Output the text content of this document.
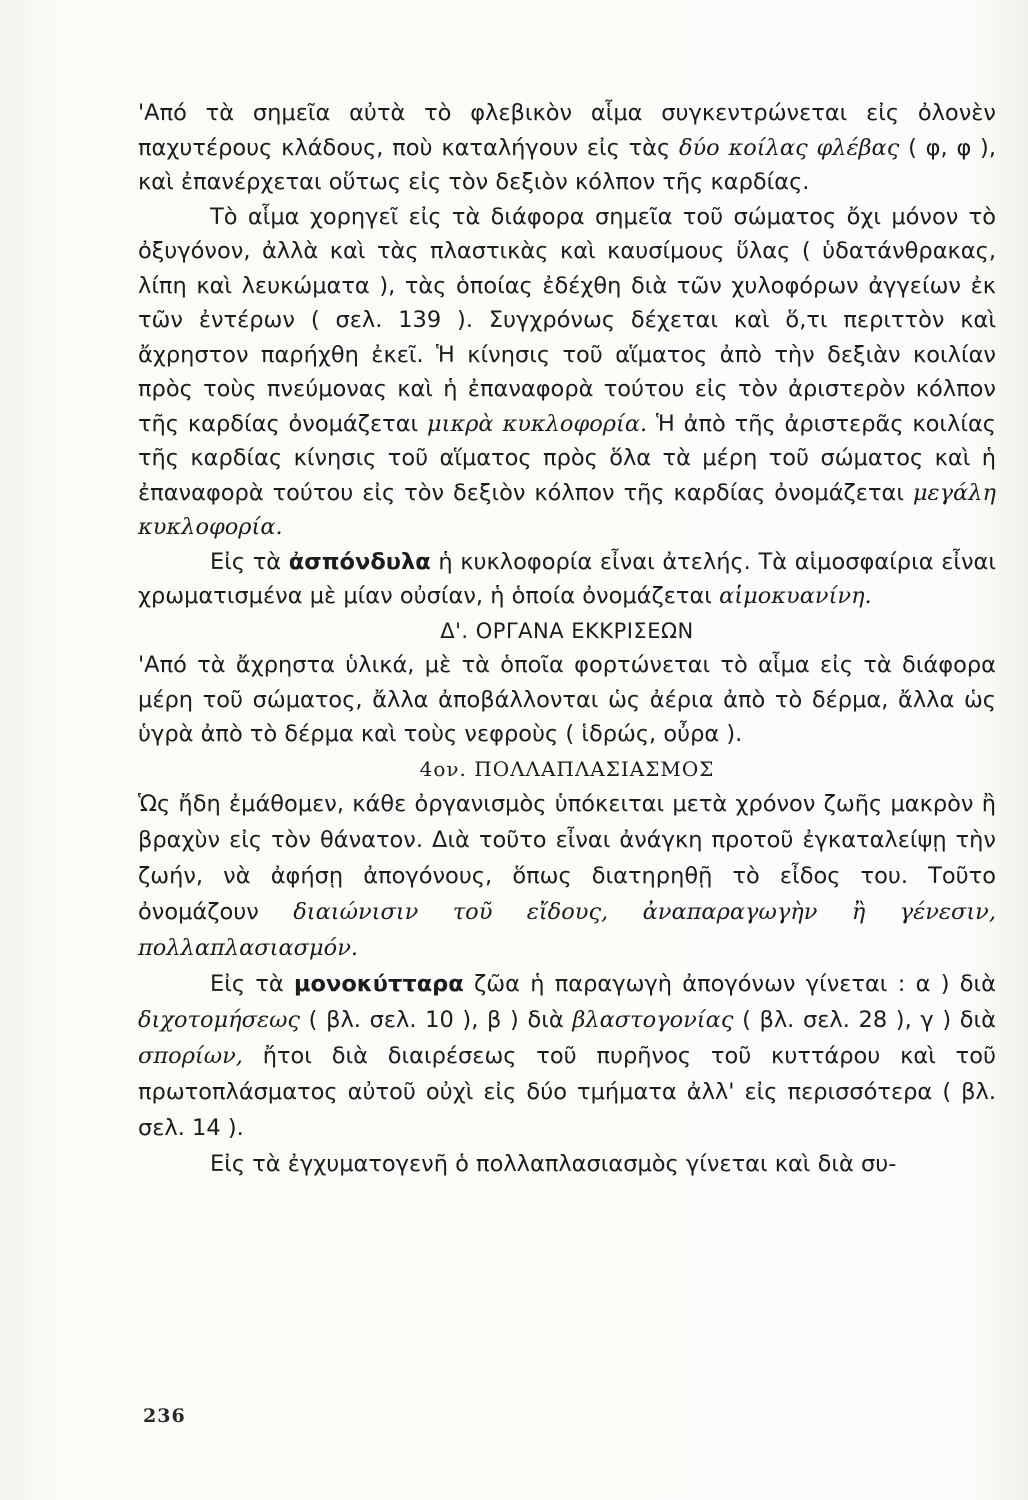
'Από τὰ σημεῖα αὐτὰ τὸ φλεβικὸν αἷμα συγκεντρώνεται εἰς ὀλονὲν παχυτέρους κλάδους, ποὺ καταλήγουν εἰς τὰς δύο κοίλας φλέβας ( φ, φ ), καὶ ἐπανέρχεται οὕτως εἰς τὸν δεξιὸν κόλπον τῆς καρδίας.

Τὸ αἷμα χορηγεῖ εἰς τὰ διάφορα σημεῖα τοῦ σώματος ὄχι μόνον τὸ ὀξυγόνον, ἀλλὰ καὶ τὰς πλαστικὰς καὶ καυσίμους ὕλας ( ὑδατάνθρακας, λίπη καὶ λευκώματα ), τὰς ὁποίας ἐδέχθη διὰ τῶν χυλοφόρων ἀγγείων ἐκ τῶν ἐντέρων ( σελ. 139 ). Συγχρόνως δέχεται καὶ ὅ,τι περιττὸν καὶ ἄχρηστον παρήχθη ἐκεῖ. Ἡ κίνησις τοῦ αἵματος ἀπὸ τὴν δεξιὰν κοιλίαν πρὸς τοὺς πνεύμονας καὶ ἡ ἐπαναφορὰ τούτου εἰς τὸν ἀριστερὸν κόλπον τῆς καρδίας ὀνομάζεται μικρὰ κυκλοφορία. Ἡ ἀπὸ τῆς ἀριστερᾶς κοιλίας τῆς καρδίας κίνησις τοῦ αἵματος πρὸς ὅλα τὰ μέρη τοῦ σώματος καὶ ἡ ἐπαναφορὰ τούτου εἰς τὸν δεξιὸν κόλπον τῆς καρδίας ὀνομάζεται μεγάλη κυκλοφορία.

Εἰς τὰ ἀσπόνδυλα ἡ κυκλοφορία εἶναι ἀτελής. Τὰ αἱμοσφαίρια εἶναι χρωματισμένα μὲ μίαν οὐσίαν, ἡ ὁποία ὀνομάζεται αἱμοκυανίνη.

Δ'. ΟΡΓΑΝΑ ΕΚΚΡΙΣΕΩΝ

'Από τὰ ἄχρηστα ὑλικά, μὲ τὰ ὁποῖα φορτώνεται τὸ αἷμα εἰς τὰ διάφορα μέρη τοῦ σώματος, ἄλλα ἀποβάλλονται ὡς ἀέρια ἀπὸ τὸ δέρμα, ἄλλα ὡς ὑγρὰ ἀπὸ τὸ δέρμα καὶ τοὺς νεφροὺς ( ἱδρώς, οὖρα ).

4ον. ΠΟΛΛΑΠΛΑΣΙΑΣΜΟΣ

Ὡς ἤδη ἐμάθομεν, κάθε ὀργανισμὸς ὑπόκειται μετὰ χρόνον ζωῆς μακρὸν ἢ βραχὺν εἰς τὸν θάνατον. Διὰ τοῦτο εἶναι ἀνάγκη προτοῦ ἐγκαταλείψῃ τὴν ζωήν, νὰ ἀφήσῃ ἀπογόνους, ὅπως διατηρηθῇ τὸ εἶδος του. Τοῦτο ὀνομάζουν διαιώνισιν τοῦ εἴδους, ἀναπαραγωγὴν ἢ γένεσιν, πολλαπλασιασμόν.

Εἰς τὰ μονοκύτταρα ζῶα ἡ παραγωγὴ ἀπογόνων γίνεται : α ) διὰ διχοτομήσεως ( βλ. σελ. 10 ), β ) διὰ βλαστογονίας ( βλ. σελ. 28 ), γ ) διὰ σπορίων, ἤτοι διὰ διαιρέσεως τοῦ πυρῆνος τοῦ κυττάρου καὶ τοῦ πρωτοπλάσματος αὐτοῦ οὐχὶ εἰς δύο τμήματα ἀλλ' εἰς περισσότερα ( βλ. σελ. 14 ).

Εἰς τὰ ἐγχυματογενῆ ὁ πολλαπλασιασμὸς γίνεται καὶ διὰ συ-

236
